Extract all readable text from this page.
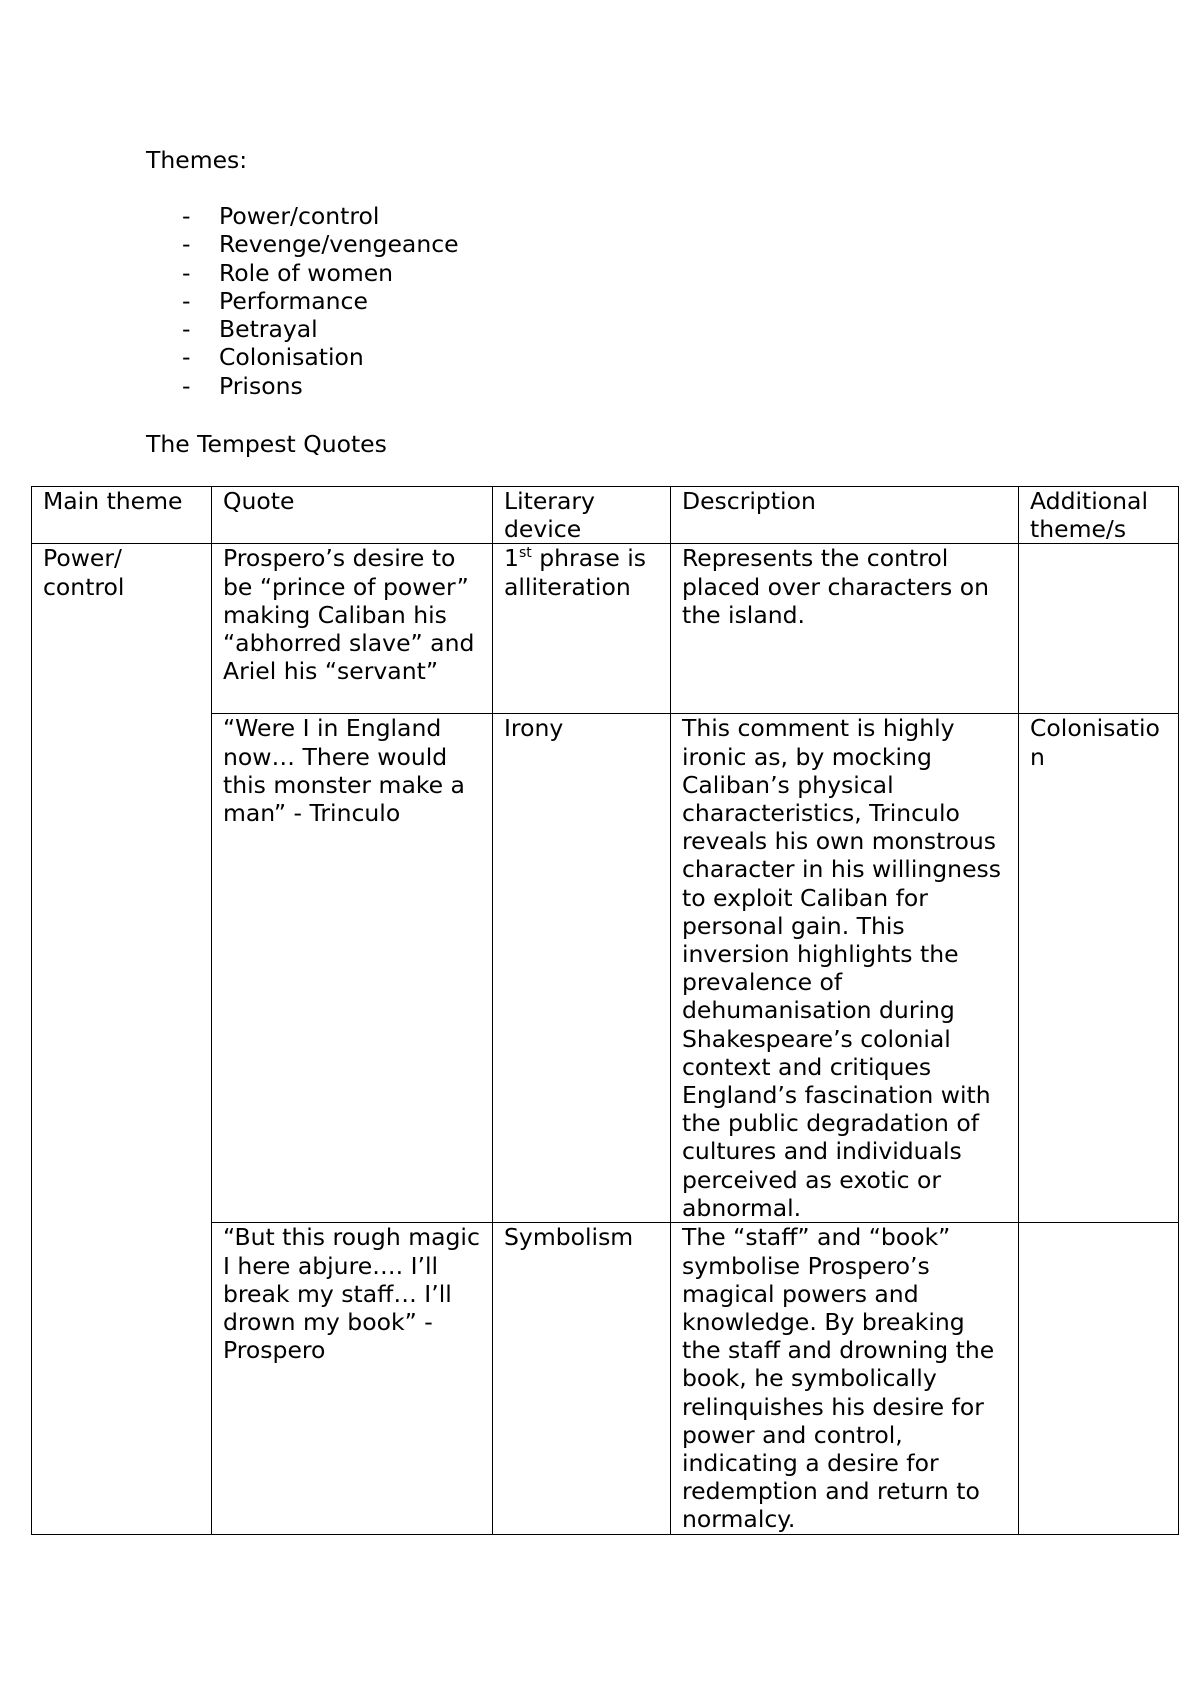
Themes:

- Power/control
- Revenge/vengeance
- Role of women
- Performance
- Betrayal
- Colonisation
- Prisons

The Tempest Quotes

Main theme	Quote	Literary device	Description	Additional theme/s
Power/ control	Prospero’s desire to be “prince of power” making Caliban his “abhorred slave” and Ariel his “servant”	1st phrase is alliteration	Represents the control placed over characters on the island.	
	“Were I in England now… There would this monster make a man” - Trinculo	Irony	This comment is highly ironic as, by mocking Caliban’s physical characteristics, Trinculo reveals his own monstrous character in his willingness to exploit Caliban for personal gain. This inversion highlights the prevalence of dehumanisation during Shakespeare’s colonial context and critiques England’s fascination with the public degradation of cultures and individuals perceived as exotic or abnormal.	Colonisation
	“But this rough magic I here abjure…. I’ll break my staff… I’ll drown my book” - Prospero	Symbolism	The “staff” and “book” symbolise Prospero’s magical powers and knowledge. By breaking the staff and drowning the book, he symbolically relinquishes his desire for power and control, indicating a desire for redemption and return to normalcy.	
